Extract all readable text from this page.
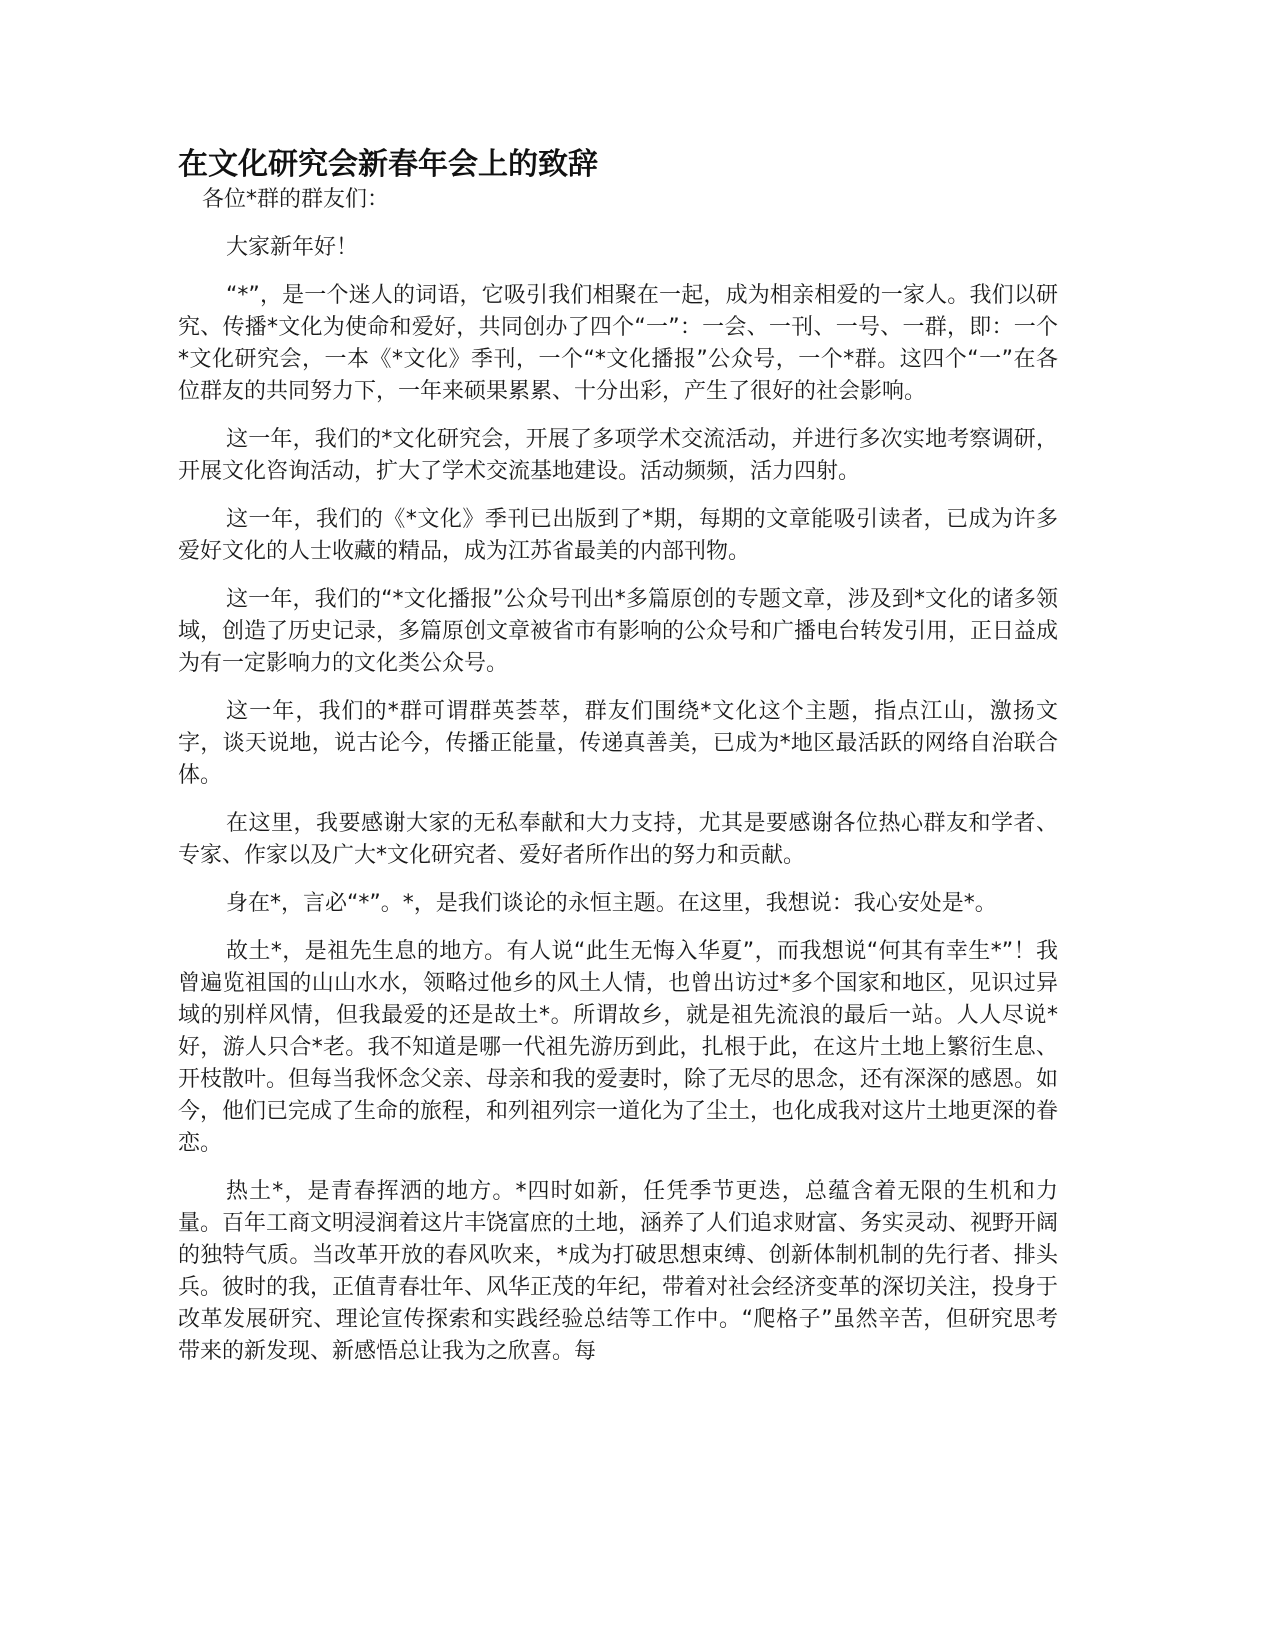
在文化研究会新春年会上的致辞

各位*群的群友们：

大家新年好！

“*”，是一个迷人的词语，它吸引我们相聚在一起，成为相亲相爱的一家人。我们以研究、传播*文化为使命和爱好，共同创办了四个“一”：一会、一刊、一号、一群，即：一个*文化研究会，一本《*文化》季刊，一个“*文化播报”公众号，一个*群。这四个“一”在各位群友的共同努力下，一年来硕果累累、十分出彩，产生了很好的社会影响。

这一年，我们的*文化研究会，开展了多项学术交流活动，并进行多次实地考察调研，开展文化咨询活动，扩大了学术交流基地建设。活动频频，活力四射。

这一年，我们的《*文化》季刊已出版到了*期，每期的文章能吸引读者，已成为许多爱好文化的人士收藏的精品，成为江苏省最美的内部刊物。

这一年，我们的“*文化播报”公众号刊出*多篇原创的专题文章，涉及到*文化的诸多领域，创造了历史记录，多篇原创文章被省市有影响的公众号和广播电台转发引用，正日益成为有一定影响力的文化类公众号。

这一年，我们的*群可谓群英荟萃，群友们围绕*文化这个主题，指点江山，激扬文字，谈天说地，说古论今，传播正能量，传递真善美，已成为*地区最活跃的网络自治联合体。

在这里，我要感谢大家的无私奉献和大力支持，尤其是要感谢各位热心群友和学者、专家、作家以及广大*文化研究者、爱好者所作出的努力和贡献。

身在*，言必“*”。*，是我们谈论的永恒主题。在这里，我想说：我心安处是*。

故土*，是祖先生息的地方。有人说“此生无悔入华夏”，而我想说“何其有幸生*”！我曾遍览祖国的山山水水，领略过他乡的风土人情，也曾出访过*多个国家和地区，见识过异域的别样风情，但我最爱的还是故土*。所谓故乡，就是祖先流浪的最后一站。人人尽说*好，游人只合*老。我不知道是哪一代祖先游历到此，扎根于此，在这片土地上繁衍生息、开枝散叶。但每当我怀念父亲、母亲和我的爱妻时，除了无尽的思念，还有深深的感恩。如今，他们已完成了生命的旅程，和列祖列宗一道化为了尘土，也化成我对这片土地更深的眷恋。

热土*，是青春挥洒的地方。*四时如新，任凭季节更迭，总蕴含着无限的生机和力量。百年工商文明浸润着这片丰饶富庶的土地，涵养了人们追求财富、务实灵动、视野开阔的独特气质。当改革开放的春风吹来，*成为打破思想束缚、创新体制机制的先行者、排头兵。彼时的我，正值青春壮年、风华正茂的年纪，带着对社会经济变革的深切关注，投身于改革发展研究、理论宣传探索和实践经验总结等工作中。“爬格子”虽然辛苦，但研究思考带来的新发现、新感悟总让我为之欣喜。每
